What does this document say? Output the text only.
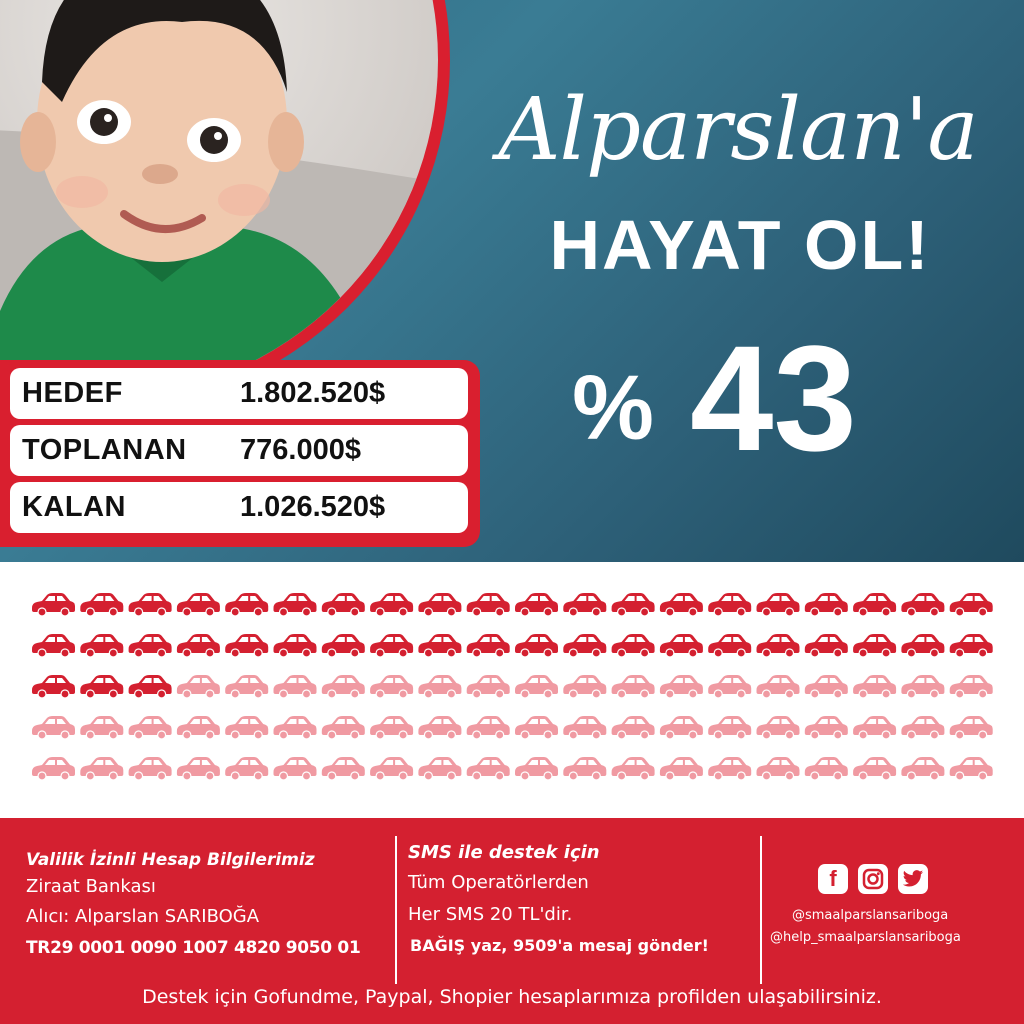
Alparslan'a
HAYAT OL!
% 43
HEDEF	1.802.520$
TOPLANAN	776.000$
KALAN	1.026.520$
Valilik İzinli Hesap Bilgilerimiz
Ziraat Bankası
Alıcı: Alparslan SARIBOĞA
TR29 0001 0090 1007 4820 9050 01
SMS ile destek için
Tüm Operatörlerden
Her SMS 20 TL'dir.
BAĞIŞ yaz, 9509'a mesaj gönder!
f
@smaalparslansariboga
@help_smaalparslansariboga
Destek için Gofundme, Paypal, Shopier hesaplarımıza profilden ulaşabilirsiniz.
